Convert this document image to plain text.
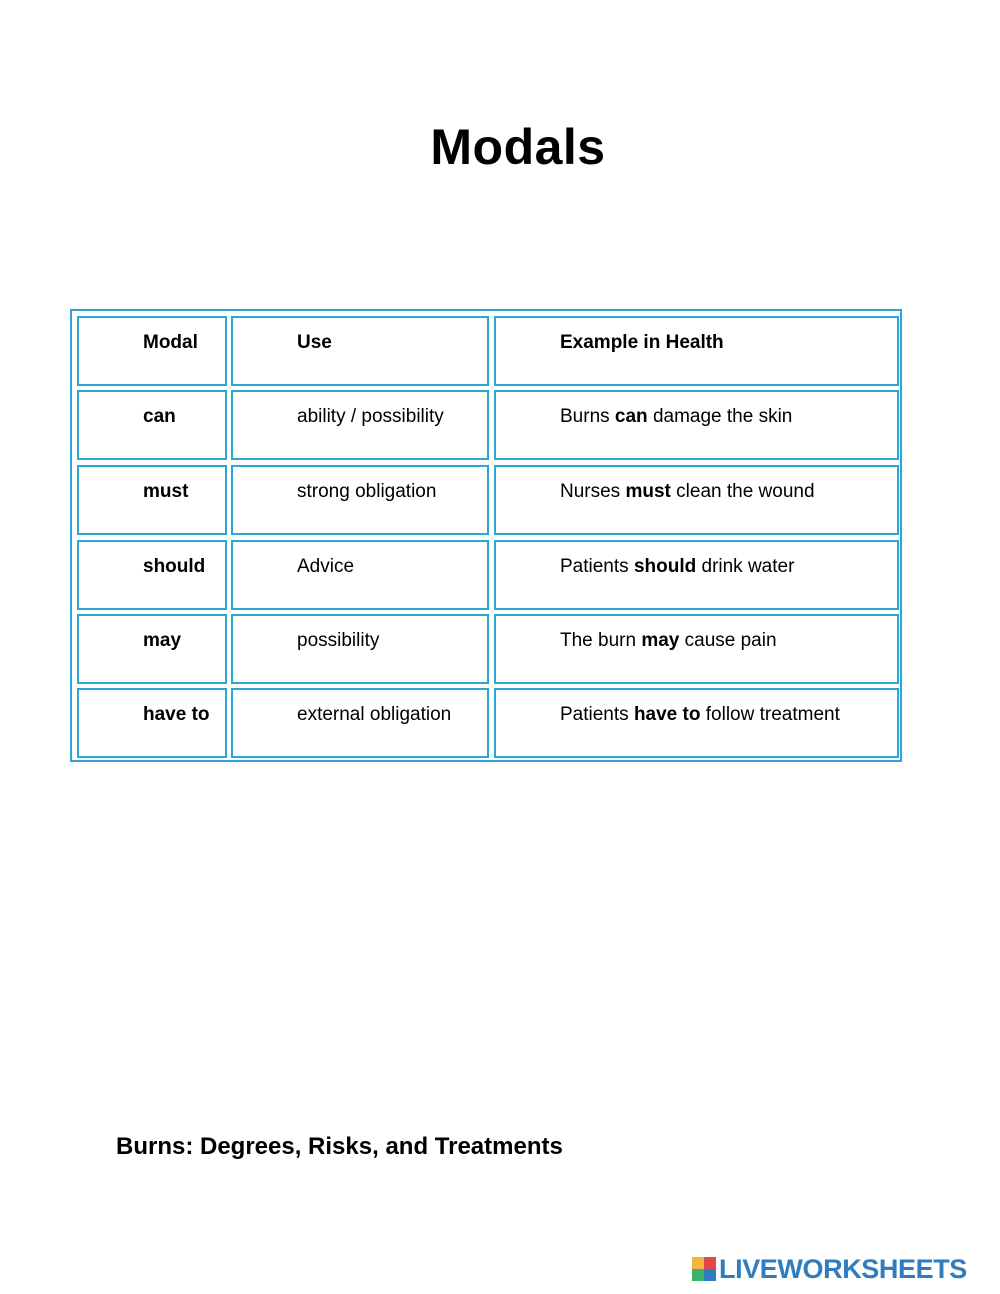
Modals
Modal	Use	Example in Health
can	ability / possibility	Burns can damage the skin
must	strong obligation	Nurses must clean the wound
should	Advice	Patients should drink water
may	possibility	The burn may cause pain
have to	external obligation	Patients have to follow treatment
Burns: Degrees, Risks, and Treatments
LIVEWORKSHEETS
